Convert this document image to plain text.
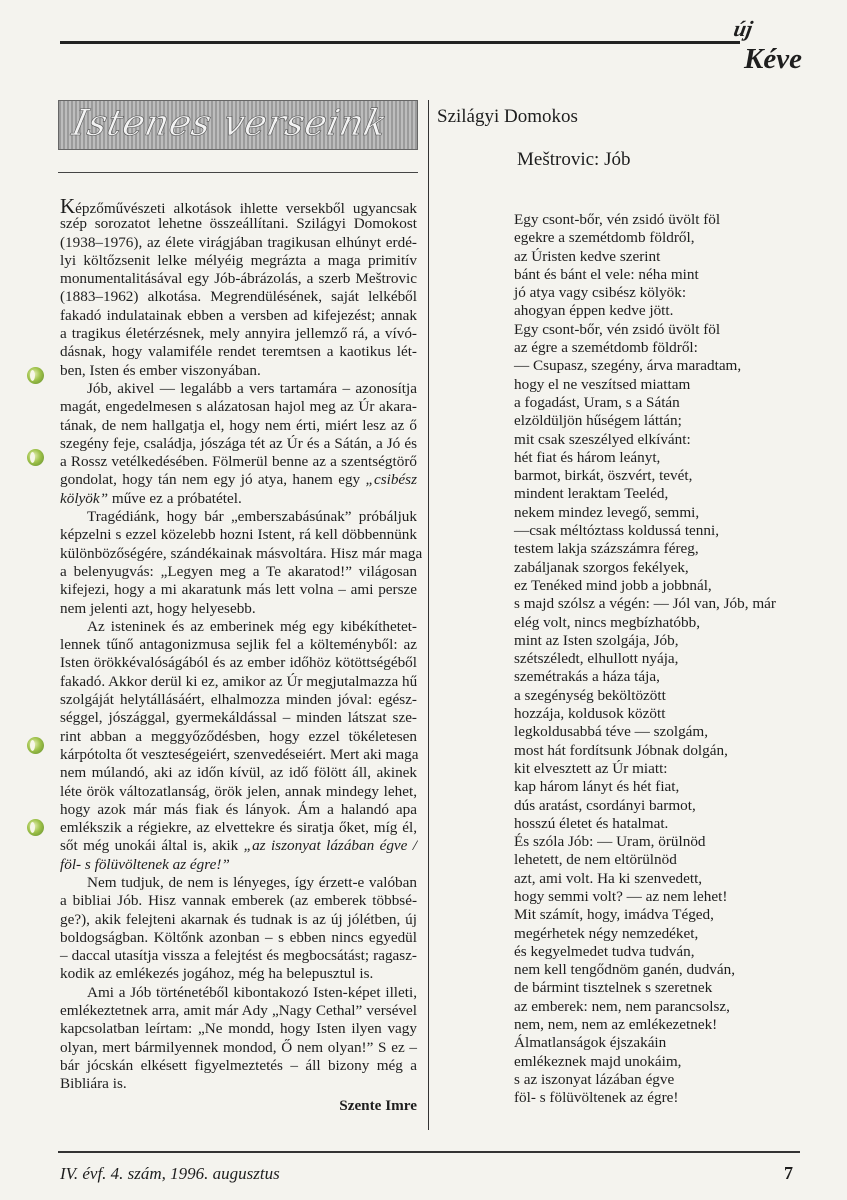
új
Kéve
Istenes verseink
Képzőművészeti alkotások ihlette versekből ugyancsak
szép sorozatot lehetne összeállítani. Szilágyi Domokost
(1938–1976), az élete virágjában tragikusan elhúnyt erdé-
lyi költőzsenit lelke mélyéig megrázta a maga primitív
monumentalitásával egy Jób-ábrázolás, a szerb Meštrovic
(1883–1962) alkotása. Megrendülésének, saját lelkéből
fakadó indulatainak ebben a versben ad kifejezést; annak
a tragikus életérzésnek, mely annyira jellemző rá, a vívó-
dásnak, hogy valamiféle rendet teremtsen a kaotikus lét-
ben, Isten és ember viszonyában.
Jób, akivel — legalább a vers tartamára – azonosítja
magát, engedelmesen s alázatosan hajol meg az Úr akara-
tának, de nem hallgatja el, hogy nem érti, miért lesz az ő
szegény feje, családja, jószága tét az Úr és a Sátán, a Jó és
a Rossz vetélkedésében. Fölmerül benne az a szentségtörő
gondolat, hogy tán nem egy jó atya, hanem egy „csibész
kölyök” műve ez a próbatétel.
Tragédiánk, hogy bár „emberszabásúnak” próbáljuk
képzelni s ezzel közelebb hozni Istent, rá kell döbbennünk
különbözőségére, szándékainak másvoltára. Hisz már maga
a belenyugvás: „Legyen meg a Te akaratod!” világosan
kifejezi, hogy a mi akaratunk más lett volna – ami persze
nem jelenti azt, hogy helyesebb.
Az isteninek és az emberinek még egy kibékíthetet-
lennek tűnő antagonizmusa sejlik fel a költeményből: az
Isten örökkévalóságából és az ember időhöz kötöttségéből
fakadó. Akkor derül ki ez, amikor az Úr megjutalmazza hű
szolgáját helytállásáért, elhalmozza minden jóval: egész-
séggel, jószággal, gyermekáldással – minden látszat sze-
rint abban a meggyőződésben, hogy ezzel tökéletesen
kárpótolta őt veszteségeiért, szenvedéseiért. Mert aki maga
nem múlandó, aki az időn kívül, az idő fölött áll, akinek
léte örök változatlanság, örök jelen, annak mindegy lehet,
hogy azok már más fiak és lányok. Ám a halandó apa
emlékszik a régiekre, az elvettekre és siratja őket, míg él,
sőt még unokái által is, akik „az iszonyat lázában égve /
föl- s fölüvöltenek az égre!”
Nem tudjuk, de nem is lényeges, így érzett-e valóban
a bibliai Jób. Hisz vannak emberek (az emberek többsé-
ge?), akik felejteni akarnak és tudnak is az új jólétben, új
boldogságban. Költőnk azonban – s ebben nincs egyedül
– daccal utasítja vissza a felejtést és megbocsátást; ragasz-
kodik az emlékezés jogához, még ha belepusztul is.
Ami a Jób történetéből kibontakozó Isten-képet illeti,
emlékeztetnek arra, amit már Ady „Nagy Cethal” versével
kapcsolatban leírtam: „Ne mondd, hogy Isten ilyen vagy
olyan, mert bármilyennek mondod, Ő nem olyan!” S ez –
bár jócskán elkésett figyelmeztetés – áll bizony még a
Bibliára is.
Szente Imre
Szilágyi Domokos
Meštrovic: Jób
Egy csont-bőr, vén zsidó üvölt föl
egekre a szemétdomb földről,
az Úristen kedve szerint
bánt és bánt el vele: néha mint
jó atya vagy csibész kölyök:
ahogyan éppen kedve jött.
Egy csont-bőr, vén zsidó üvölt föl
az égre a szemétdomb földről:
— Csupasz, szegény, árva maradtam,
hogy el ne veszítsed miattam
a fogadást, Uram, s a Sátán
elzöldüljön hűségem láttán;
mit csak szeszélyed elkívánt:
hét fiat és három leányt,
barmot, birkát, öszvért, tevét,
mindent leraktam Teeléd,
nekem mindez levegő, semmi,
—csak méltóztass koldussá tenni,
testem lakja százszámra féreg,
zabáljanak szorgos fekélyek,
ez Tenéked mind jobb a jobbnál,
s majd szólsz a végén: — Jól van, Jób, már
elég volt, nincs megbízhatóbb,
mint az Isten szolgája, Jób,
szétszéledt, elhullott nyája,
szemétrakás a háza tája,
a szegénység beköltözött
hozzája, koldusok között
legkoldusabbá téve — szolgám,
most hát fordítsunk Jóbnak dolgán,
kit elvesztett az Úr miatt:
kap három lányt és hét fiat,
dús aratást, csordányi barmot,
hosszú életet és hatalmat.
És szóla Jób: — Uram, örülnöd
lehetett, de nem eltörülnöd
azt, ami volt. Ha ki szenvedett,
hogy semmi volt? — az nem lehet!
Mit számít, hogy, imádva Téged,
megérhetek négy nemzedéket,
és kegyelmedet tudva tudván,
nem kell tengődnöm ganén, dudván,
de bármint tisztelnek s szeretnek
az emberek: nem, nem parancsolsz,
nem, nem, nem az emlékezetnek!
Álmatlanságok éjszakáin
emlékeznek majd unokáim,
s az iszonyat lázában égve
föl- s fölüvöltenek az égre!
IV. évf. 4. szám, 1996. augusztus	7
